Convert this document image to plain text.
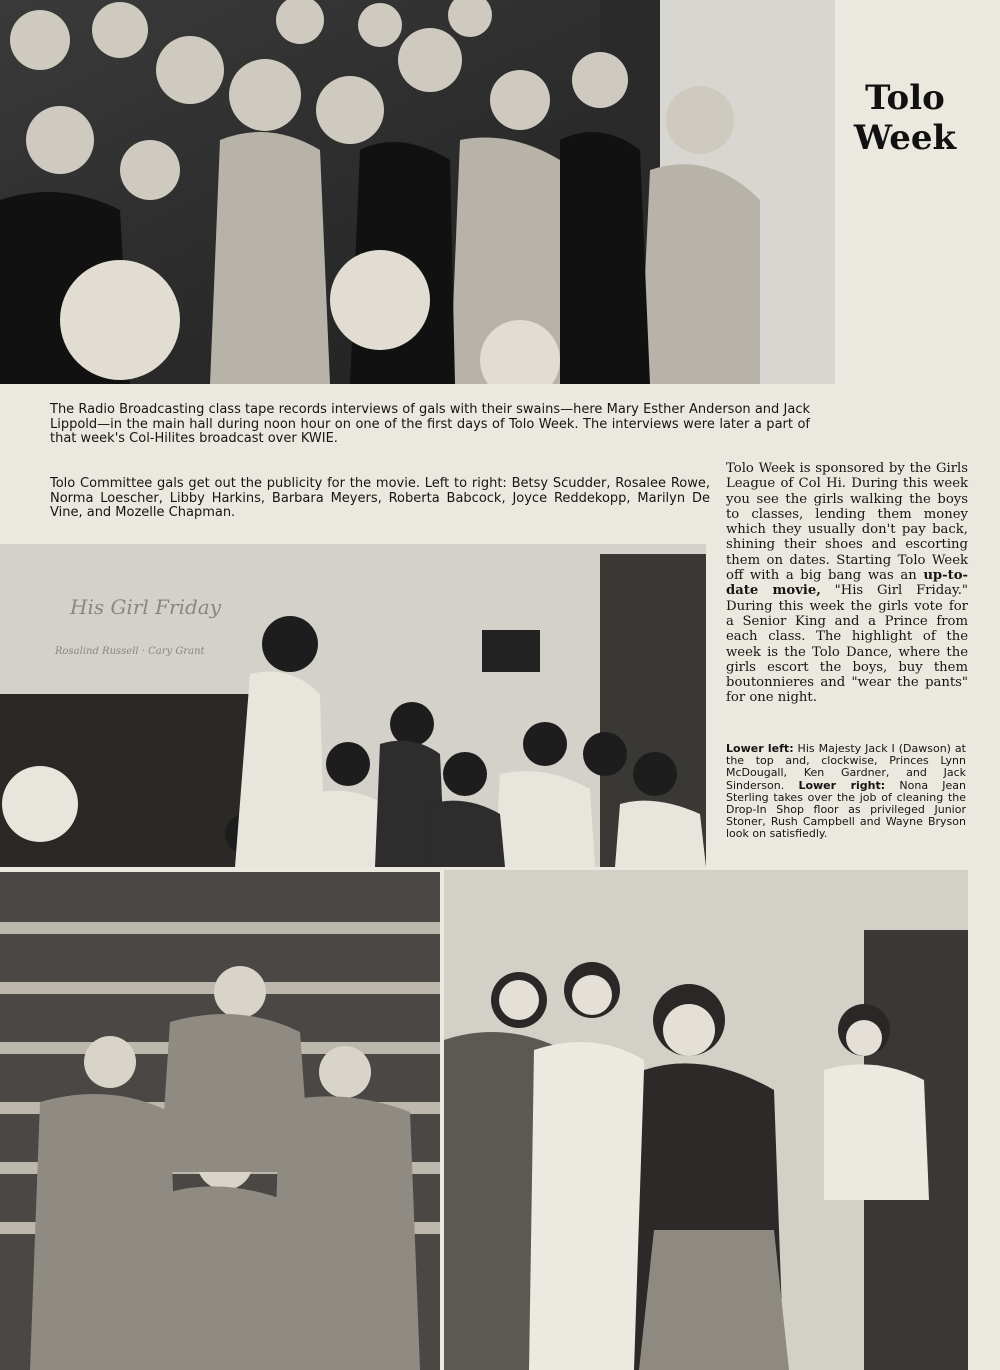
Tolo
Week
The Radio Broadcasting class tape records interviews of gals with their swains—here Mary Esther Anderson and Jack Lippold—in the main hall during noon hour on one of the first days of Tolo Week. The interviews were later a part of that week's Col-Hilites broadcast over KWIE.
Tolo Committee gals get out the publicity for the movie. Left to right: Betsy Scudder, Rosalee Rowe, Norma Loescher, Libby Harkins, Barbara Meyers, Roberta Babcock, Joyce Reddekopp, Marilyn De Vine, and Mozelle Chapman.
His Girl Friday
Rosalind Russell · Cary Grant
Tolo Week is sponsored by the Girls League of Col Hi. During this week you see the girls walking the boys to classes, lending them money which they usually don't pay back, shining their shoes and escorting them on dates. Starting Tolo Week off with a big bang was an up-to-date movie, "His Girl Friday." During this week the girls vote for a Senior King and a Prince from each class. The highlight of the week is the Tolo Dance, where the girls escort the boys, buy them boutonnieres and "wear the pants" for one night.
Lower left: His Majesty Jack I (Dawson) at the top and, clockwise, Princes Lynn McDougall, Ken Gardner, and Jack Sinderson. Lower right: Nona Jean Sterling takes over the job of cleaning the Drop-In Shop floor as privileged Junior Stoner, Rush Campbell and Wayne Bryson look on satisfiedly.
